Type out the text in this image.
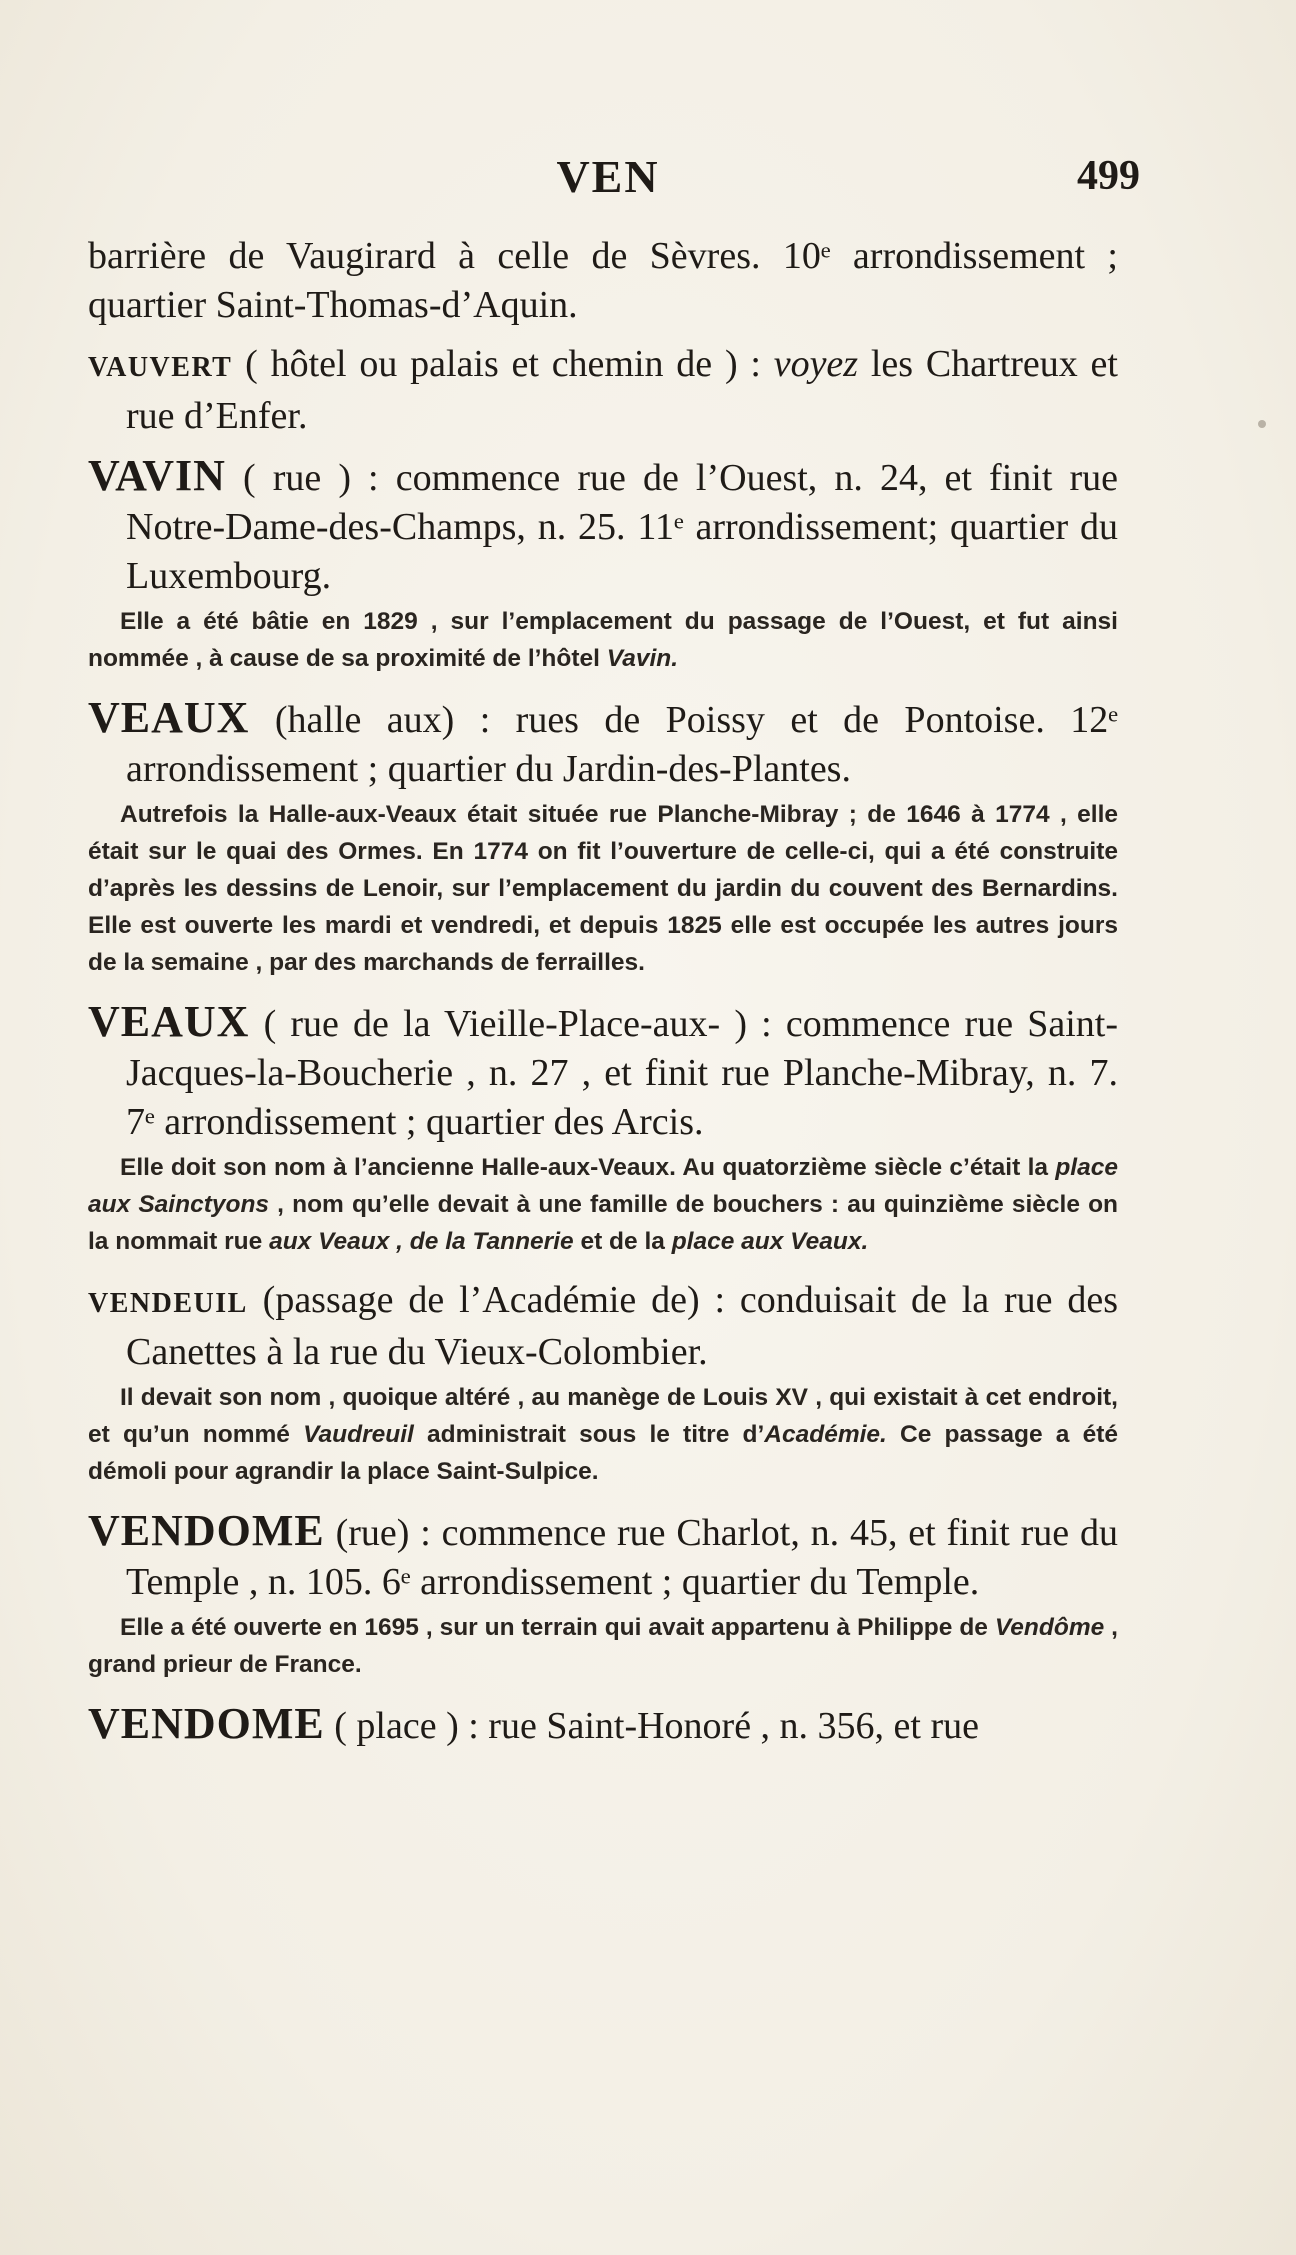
VEN	499

barrière de Vaugirard à celle de Sèvres. 10ᵉ arrondissement ; quartier Saint-Thomas-d’Aquin.

VAUVERT ( hôtel ou palais et chemin de ) : voyez les Chartreux et rue d’Enfer.

VAVIN ( rue ) : commence rue de l’Ouest, n. 24, et finit rue Notre-Dame-des-Champs, n. 25. 11ᵉ arrondissement; quartier du Luxembourg.

Elle a été bâtie en 1829 , sur l’emplacement du passage de l’Ouest, et fut ainsi nommée , à cause de sa proximité de l’hôtel Vavin.

VEAUX (halle aux) : rues de Poissy et de Pontoise. 12ᵉ arrondissement ; quartier du Jardin-des-Plantes.

Autrefois la Halle-aux-Veaux était située rue Planche-Mibray ; de 1646 à 1774 , elle était sur le quai des Ormes. En 1774 on fit l’ouverture de celle-ci, qui a été construite d’après les dessins de Lenoir, sur l’emplacement du jardin du couvent des Bernardins. Elle est ouverte les mardi et vendredi, et depuis 1825 elle est occupée les autres jours de la semaine , par des marchands de ferrailles.

VEAUX ( rue de la Vieille-Place-aux- ) : commence rue Saint-Jacques-la-Boucherie , n. 27 , et finit rue Planche-Mibray, n. 7. 7ᵉ arrondissement ; quartier des Arcis.

Elle doit son nom à l’ancienne Halle-aux-Veaux. Au quatorzième siècle c’était la place aux Sainctyons , nom qu’elle devait à une famille de bouchers : au quinzième siècle on la nommait rue aux Veaux , de la Tannerie et de la place aux Veaux.

VENDEUIL (passage de l’Académie de) : conduisait de la rue des Canettes à la rue du Vieux-Colombier.

Il devait son nom , quoique altéré , au manège de Louis XV , qui existait à cet endroit, et qu’un nommé Vaudreuil administrait sous le titre d’Académie. Ce passage a été démoli pour agrandir la place Saint-Sulpice.

VENDOME (rue) : commence rue Charlot, n. 45, et finit rue du Temple , n. 105. 6ᵉ arrondissement ; quartier du Temple.

Elle a été ouverte en 1695 , sur un terrain qui avait appartenu à Philippe de Vendôme , grand prieur de France.

VENDOME ( place ) : rue Saint-Honoré , n. 356, et rue
